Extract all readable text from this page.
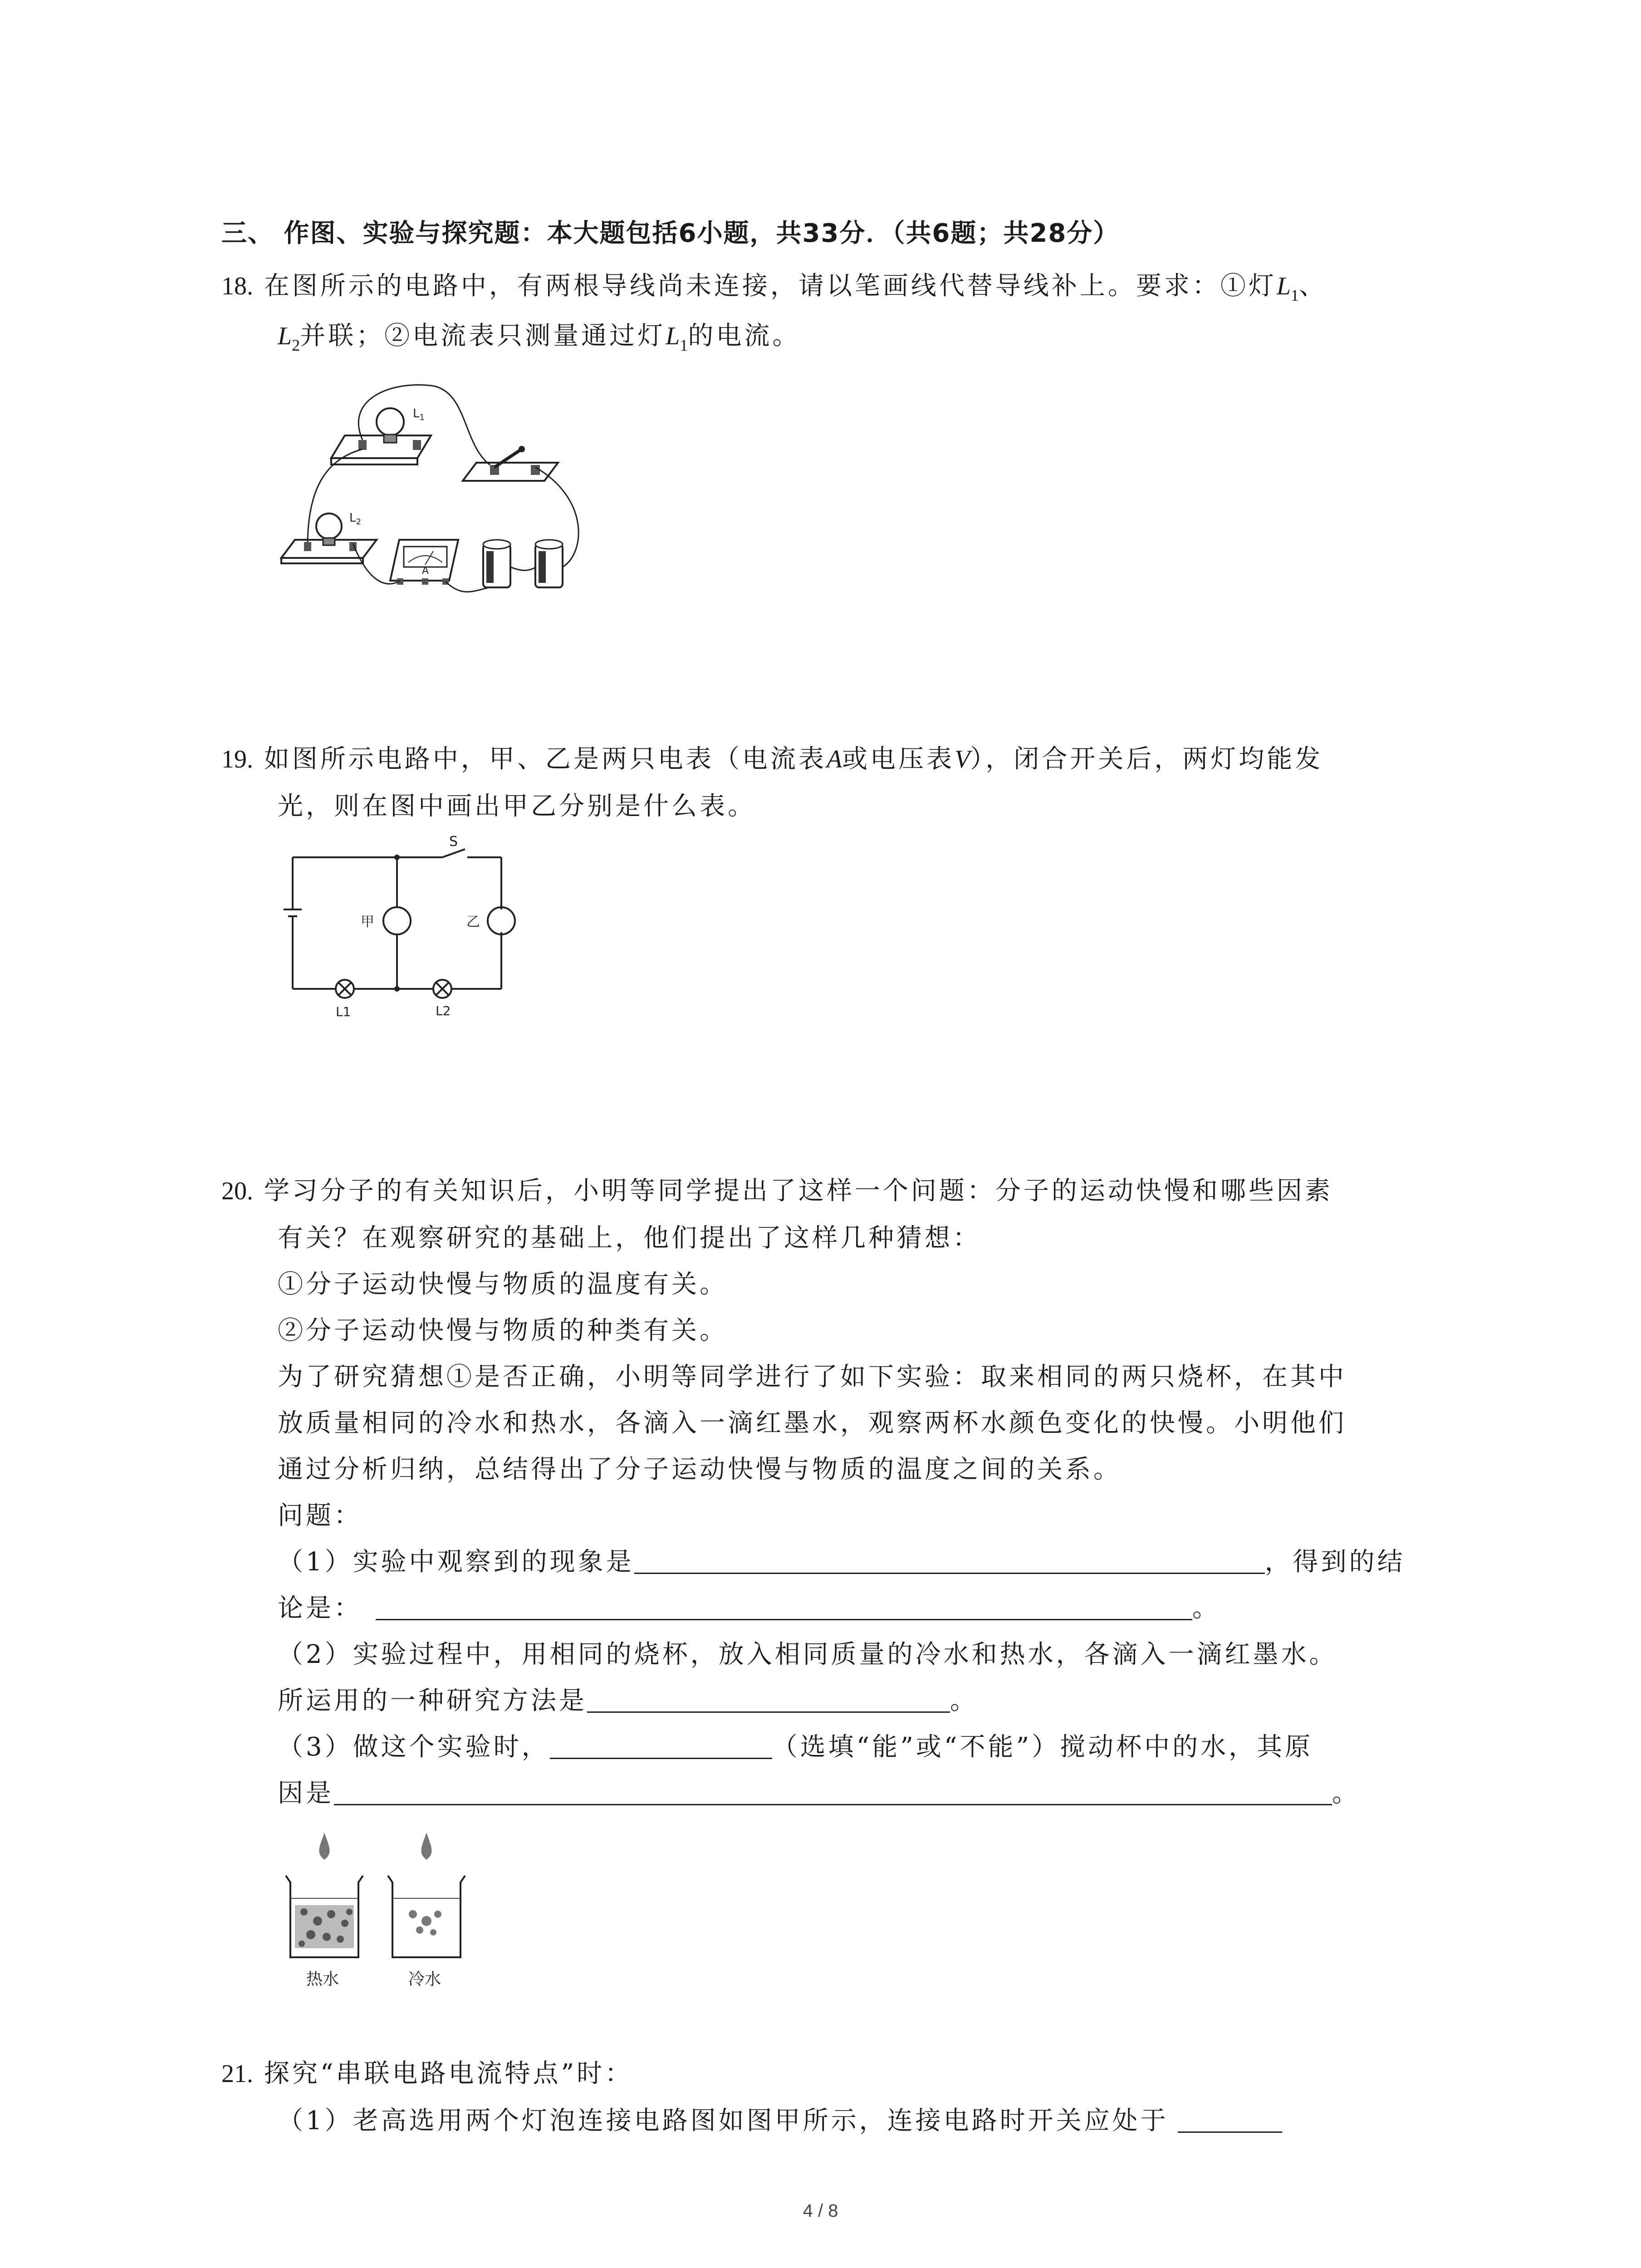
三、 作图、实验与探究题：本大题包括6小题，共33分．（共6题；共28分）
18. 在图所示的电路中，有两根导线尚未连接，请以笔画线代替导线补上。要求：①灯$L_1$、
$L_2$并联；②电流表只测量通过灯$L_1$的电流。
$L_1$
$L_2$
A
19. 如图所示电路中，甲、乙是两只电表（电流表A或电压表V），闭合开关后，两灯均能发
光，则在图中画出甲乙分别是什么表。
S
甲	乙
L1	L2
20. 学习分子的有关知识后，小明等同学提出了这样一个问题：分子的运动快慢和哪些因素
有关？在观察研究的基础上，他们提出了这样几种猜想：
①分子运动快慢与物质的温度有关。
②分子运动快慢与物质的种类有关。
为了研究猜想①是否正确，小明等同学进行了如下实验：取来相同的两只烧杯，在其中
放质量相同的冷水和热水，各滴入一滴红墨水，观察两杯水颜色变化的快慢。小明他们
通过分析归纳，总结得出了分子运动快慢与物质的温度之间的关系。
问题：
（1）实验中观察到的现象是	，得到的结
论是：	。
（2）实验过程中，用相同的烧杯，放入相同质量的冷水和热水，各滴入一滴红墨水。
所运用的一种研究方法是	。
（3）做这个实验时，	（选填“能”或“不能”）搅动杯中的水，其原
因是	。
热水	冷水
21. 探究“串联电路电流特点”时：
（1）老高选用两个灯泡连接电路图如图甲所示，连接电路时开关应处于
4 / 8
